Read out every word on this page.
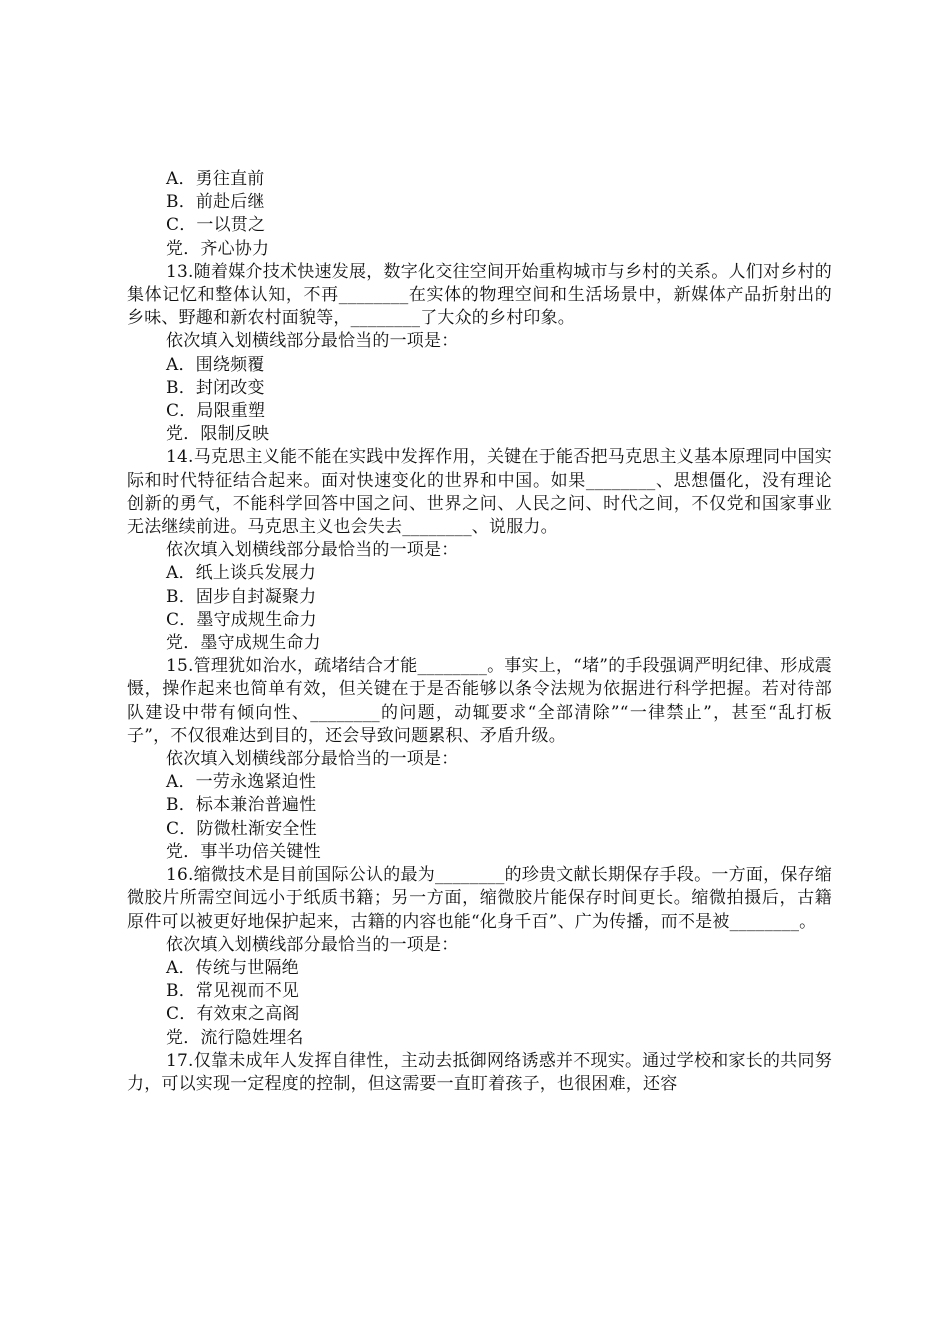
A．勇往直前

B．前赴后继

C．一以贯之

党．齐心协力

13.随着媒介技术快速发展，数字化交往空间开始重构城市与乡村的关系。人们对乡村的集体记忆和整体认知，不再________在实体的物理空间和生活场景中，新媒体产品折射出的乡味、野趣和新农村面貌等，________了大众的乡村印象。

依次填入划横线部分最恰当的一项是：

A．围绕频覆

B．封闭改变

C．局限重塑

党．限制反映

14.马克思主义能不能在实践中发挥作用，关键在于能否把马克思主义基本原理同中国实际和时代特征结合起来。面对快速变化的世界和中国。如果________、思想僵化，没有理论创新的勇气，不能科学回答中国之问、世界之问、人民之问、时代之间，不仅党和国家事业无法继续前进。马克思主义也会失去________、说服力。

依次填入划横线部分最恰当的一项是：

A．纸上谈兵发展力

B．固步自封凝聚力

C．墨守成规生命力

党．墨守成规生命力

15.管理犹如治水，疏堵结合才能________。事实上，“堵”的手段强调严明纪律、形成震慑，操作起来也简单有效，但关键在于是否能够以条令法规为依据进行科学把握。若对待部队建设中带有倾向性、________的问题，动辄要求“全部清除”“一律禁止”，甚至“乱打板子”，不仅很难达到目的，还会导致问题累积、矛盾升级。

依次填入划横线部分最恰当的一项是：

A．一劳永逸紧迫性

B．标本兼治普遍性

C．防微杜渐安全性

党．事半功倍关键性

16.缩微技术是目前国际公认的最为________的珍贵文献长期保存手段。一方面，保存缩微胶片所需空间远小于纸质书籍；另一方面，缩微胶片能保存时间更长。缩微拍摄后，古籍原件可以被更好地保护起来，古籍的内容也能“化身千百”、广为传播，而不是被________。

依次填入划横线部分最恰当的一项是：

A．传统与世隔绝

B．常见视而不见

C．有效束之高阁

党．流行隐姓埋名

17.仅靠未成年人发挥自律性，主动去抵御网络诱惑并不现实。通过学校和家长的共同努力，可以实现一定程度的控制，但这需要一直盯着孩子，也很困难，还容
